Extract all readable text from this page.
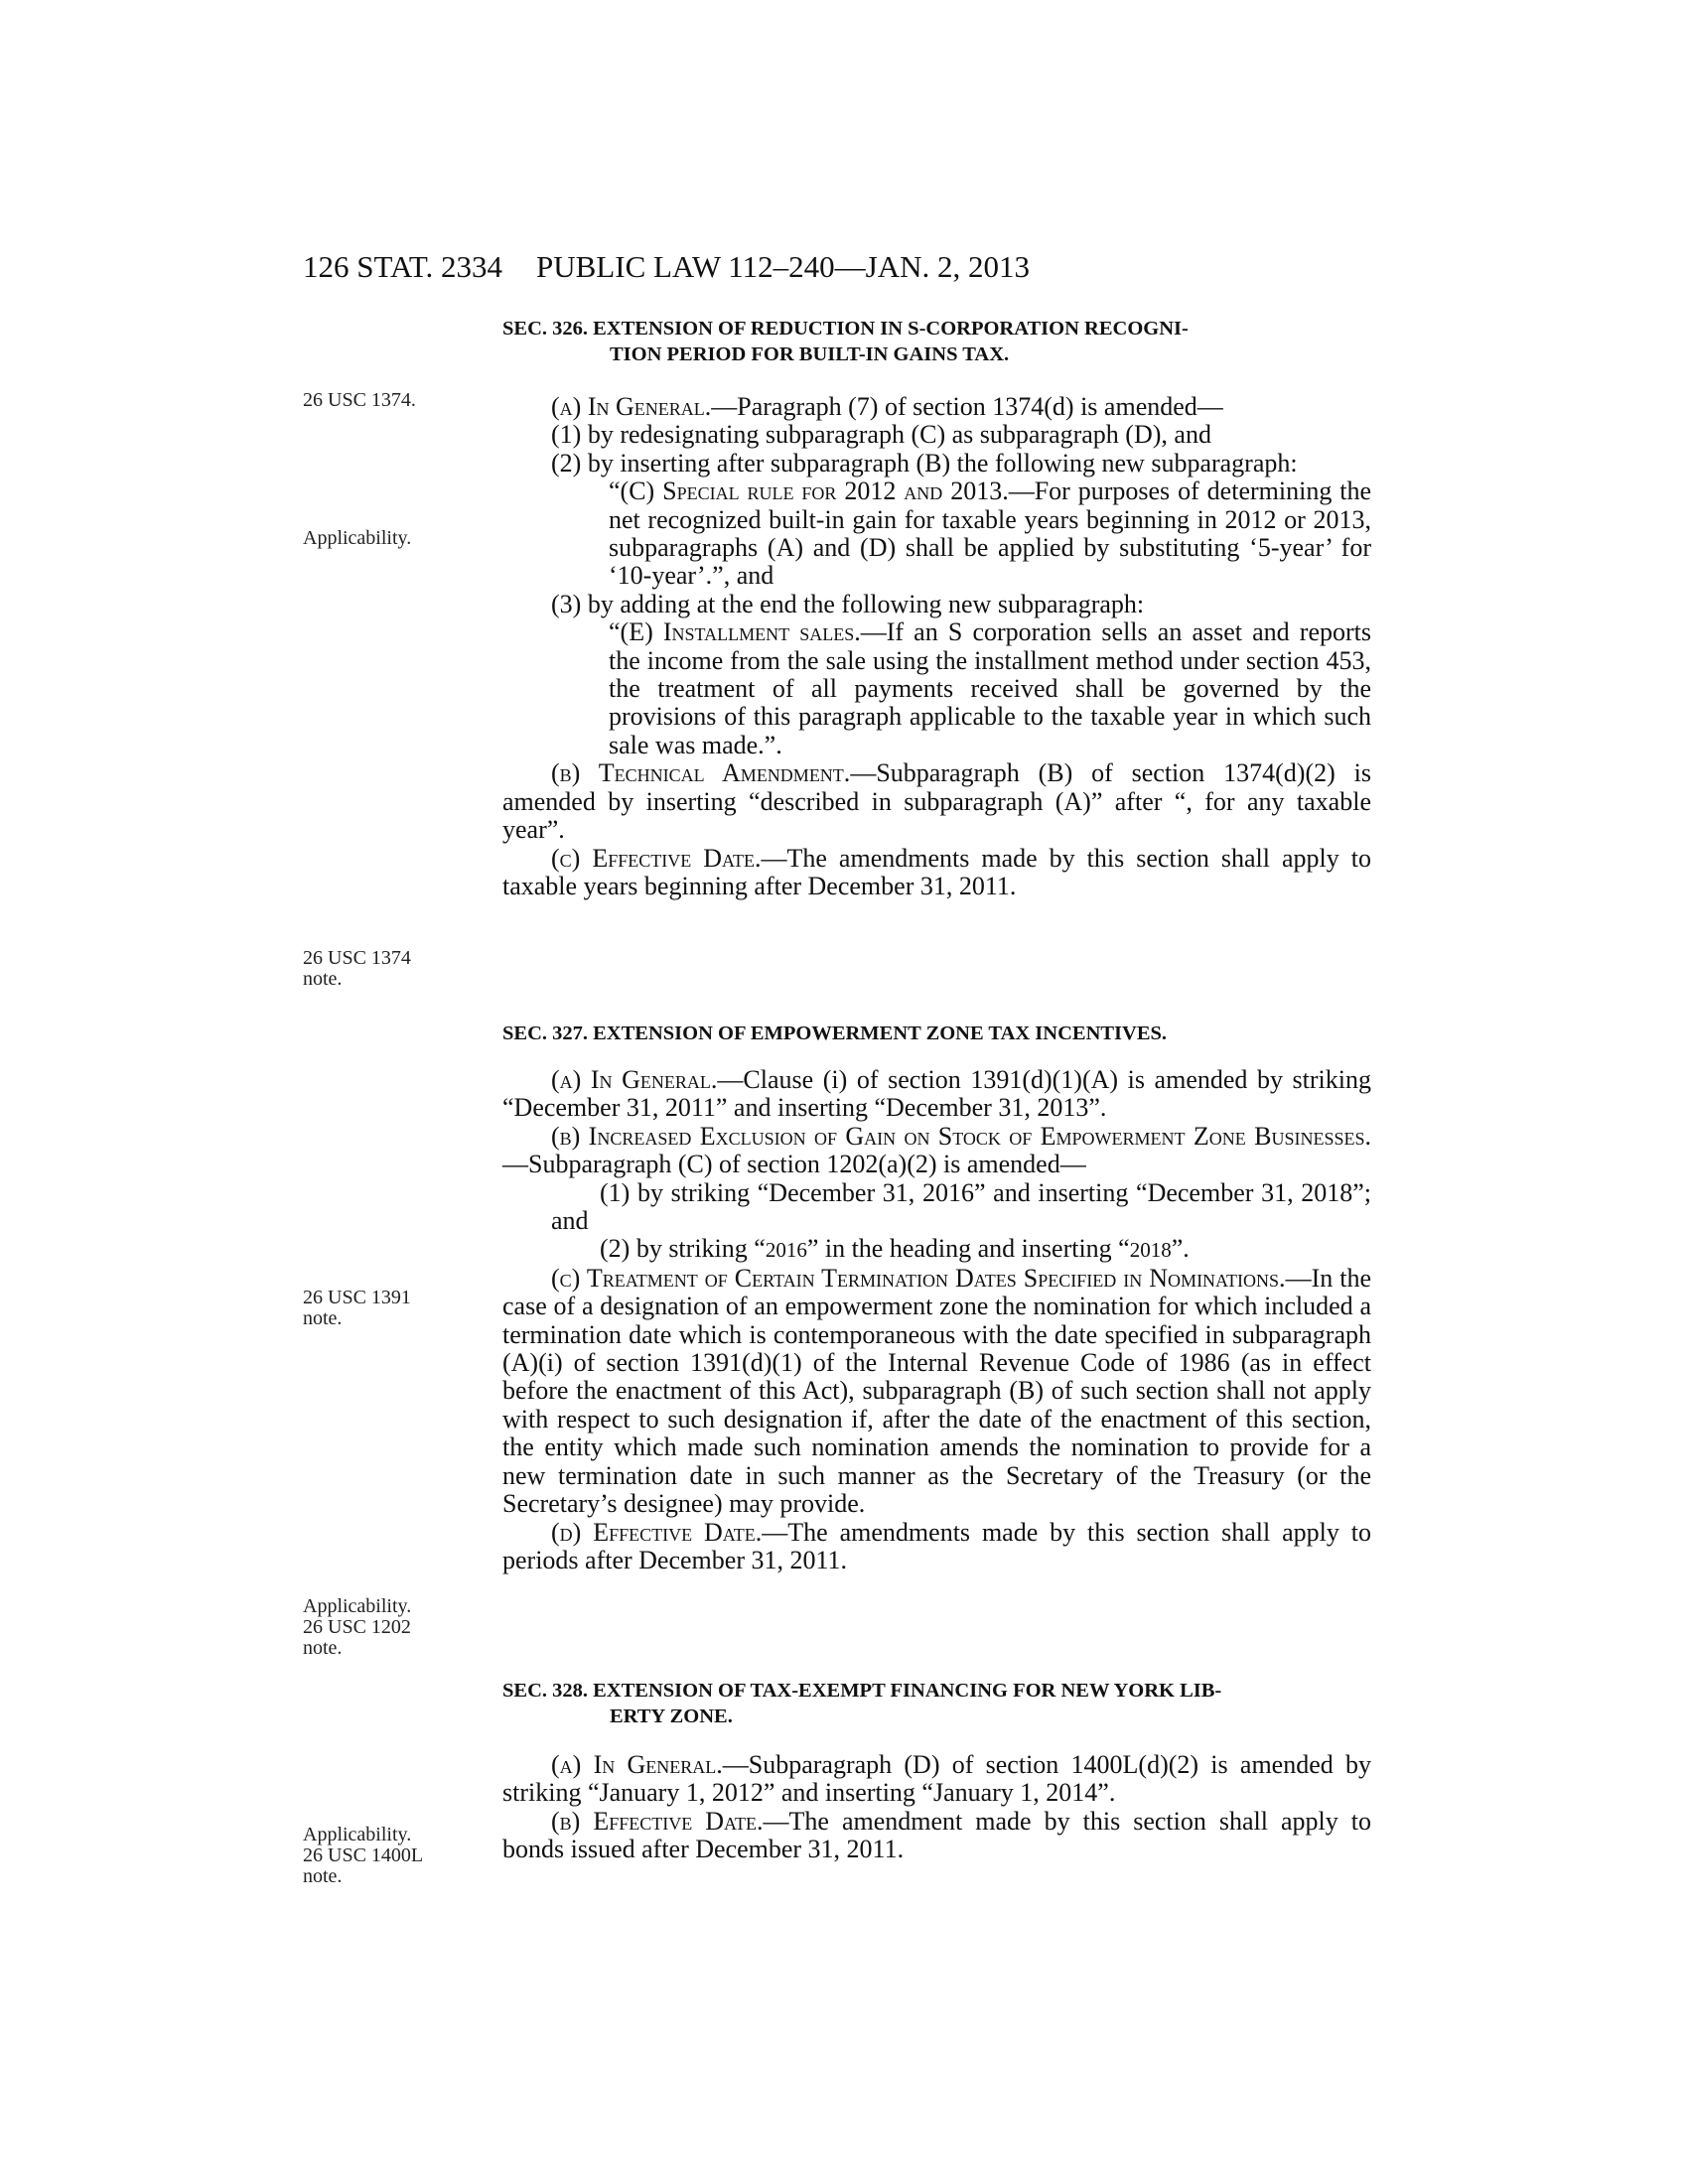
126 STAT. 2334 PUBLIC LAW 112–240—JAN. 2, 2013
26 USC 1374.
Applicability.
26 USC 1374
note.
26 USC 1391
note.
Applicability.
26 USC 1202
note.
Applicability.
26 USC 1400L
note.
SEC. 326. EXTENSION OF REDUCTION IN S-CORPORATION RECOGNI-
TION PERIOD FOR BUILT-IN GAINS TAX.

(a) In General.—Paragraph (7) of section 1374(d) is amended—

(1) by redesignating subparagraph (C) as subparagraph (D), and

(2) by inserting after subparagraph (B) the following new subparagraph:

“(C) Special rule for 2012 and 2013.—For purposes of determining the net recognized built-in gain for taxable years beginning in 2012 or 2013, subparagraphs (A) and (D) shall be applied by substituting ‘5-year’ for ‘10-year’.”, and

(3) by adding at the end the following new subparagraph:

“(E) Installment sales.—If an S corporation sells an asset and reports the income from the sale using the installment method under section 453, the treatment of all payments received shall be governed by the provisions of this paragraph applicable to the taxable year in which such sale was made.”.

(b) Technical Amendment.—Subparagraph (B) of section 1374(d)(2) is amended by inserting “described in subparagraph (A)” after “, for any taxable year”.

(c) Effective Date.—The amendments made by this section shall apply to taxable years beginning after December 31, 2011.

SEC. 327. EXTENSION OF EMPOWERMENT ZONE TAX INCENTIVES.

(a) In General.—Clause (i) of section 1391(d)(1)(A) is amended by striking “December 31, 2011” and inserting “December 31, 2013”.

(b) Increased Exclusion of Gain on Stock of Empowerment Zone Businesses.—Subparagraph (C) of section 1202(a)(2) is amended—

(1) by striking “December 31, 2016” and inserting “December 31, 2018”; and

(2) by striking “2016” in the heading and inserting “2018”.

(c) Treatment of Certain Termination Dates Specified in Nominations.—In the case of a designation of an empowerment zone the nomination for which included a termination date which is contemporaneous with the date specified in subparagraph (A)(i) of section 1391(d)(1) of the Internal Revenue Code of 1986 (as in effect before the enactment of this Act), subparagraph (B) of such section shall not apply with respect to such designation if, after the date of the enactment of this section, the entity which made such nomination amends the nomination to provide for a new termination date in such manner as the Secretary of the Treasury (or the Secretary’s designee) may provide.

(d) Effective Date.—The amendments made by this section shall apply to periods after December 31, 2011.

SEC. 328. EXTENSION OF TAX-EXEMPT FINANCING FOR NEW YORK LIB-
ERTY ZONE.

(a) In General.—Subparagraph (D) of section 1400L(d)(2) is amended by striking “January 1, 2012” and inserting “January 1, 2014”.

(b) Effective Date.—The amendment made by this section shall apply to bonds issued after December 31, 2011.
